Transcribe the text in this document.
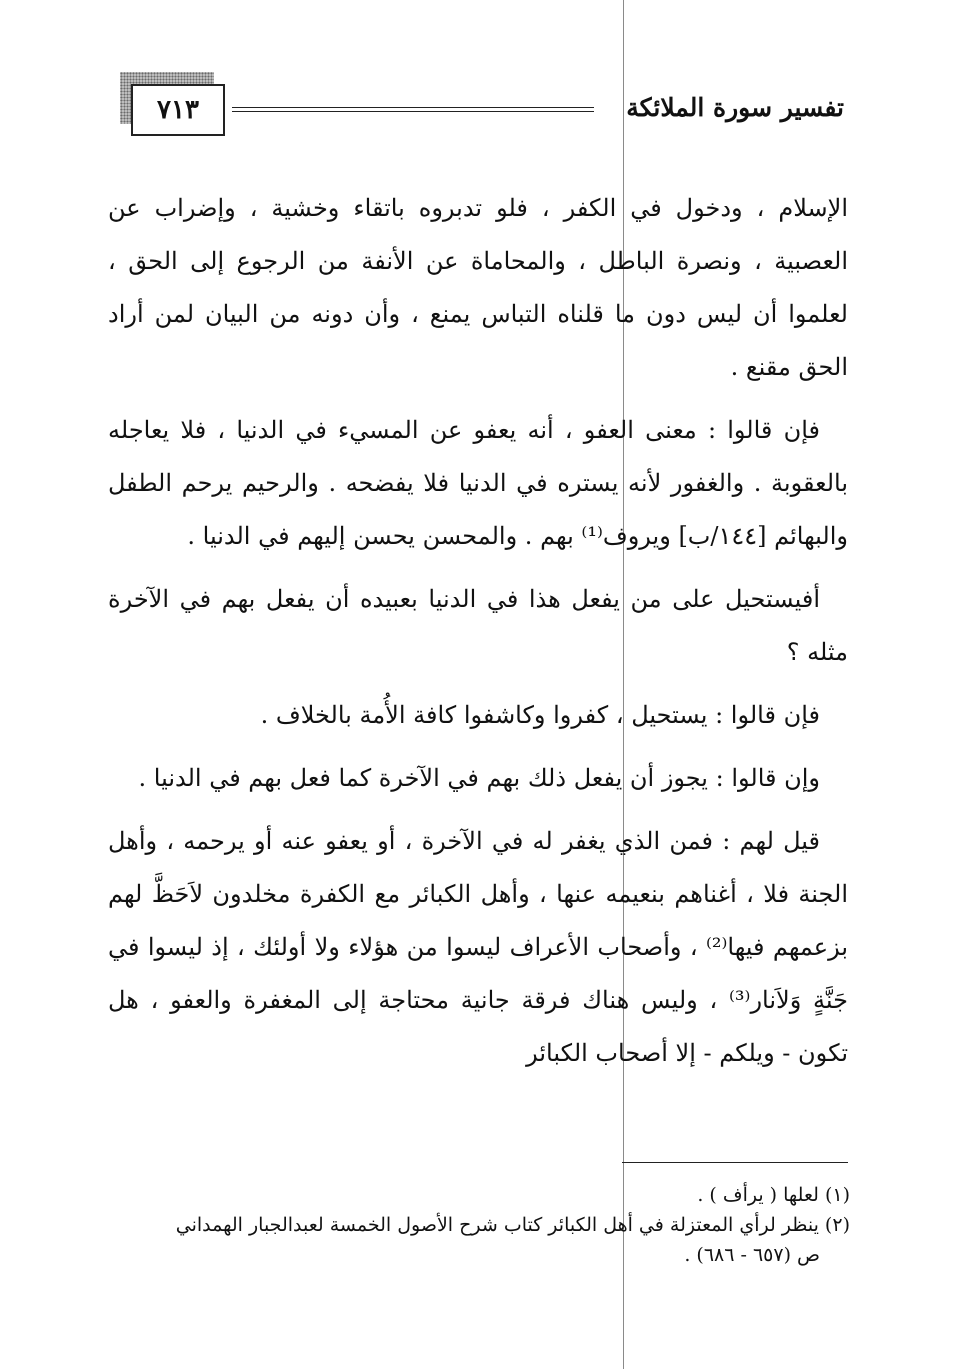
تفسير سورة الملائكة
٧١٣

الإسلام ، ودخول في الكفر ، فلو تدبروه باتقاء وخشية ، وإضراب عن العصبية ، ونصرة الباطل ، والمحاماة عن الأنفة من الرجوع إلى الحق ، لعلموا أن ليس دون ما قلناه التباس يمنع ، وأن دونه من البيان لمن أراد الحق مقنع .

فإن قالوا : معنى العفو ، أنه يعفو عن المسيء في الدنيا ، فلا يعاجله بالعقوبة . والغفور لأنه يستره في الدنيا فلا يفضحه . والرحيم يرحم الطفل والبهائم [١٤٤/ب] ويروف⁽¹⁾ بهم . والمحسن يحسن إليهم في الدنيا .

أفيستحيل على من يفعل هذا في الدنيا بعبيده أن يفعل بهم في الآخرة مثله ؟

فإن قالوا : يستحيل ، كفروا وكاشفوا كافة الأُمة بالخلاف .

وإن قالوا : يجوز أن يفعل ذلك بهم في الآخرة كما فعل بهم في الدنيا .

قيل لهم : فمن الذي يغفر له في الآخرة ، أو يعفو عنه أو يرحمه ، وأهل الجنة فلا ، أغناهم بنعيمه عنها ، وأهل الكبائر مع الكفرة مخلدون لاَحَظَّ لهم بزعمهم فيها⁽²⁾ ، وأصحاب الأعراف ليسوا من هؤلاء ولا أولئك ، إذ ليسوا في جَنَّةٍ وَلاَنار⁽³⁾ ، وليس هناك فرقة جانية محتاجة إلى المغفرة والعفو ، هل تكون - ويلكم - إلا أصحاب الكبائر

(١) لعلها ( يرأف ) .

(٢) ينظر لرأي المعتزلة في أهل الكبائر كتاب شرح الأصول الخمسة لعبدالجبار الهمداني

ص (٦٥٧ - ٦٨٦) .
